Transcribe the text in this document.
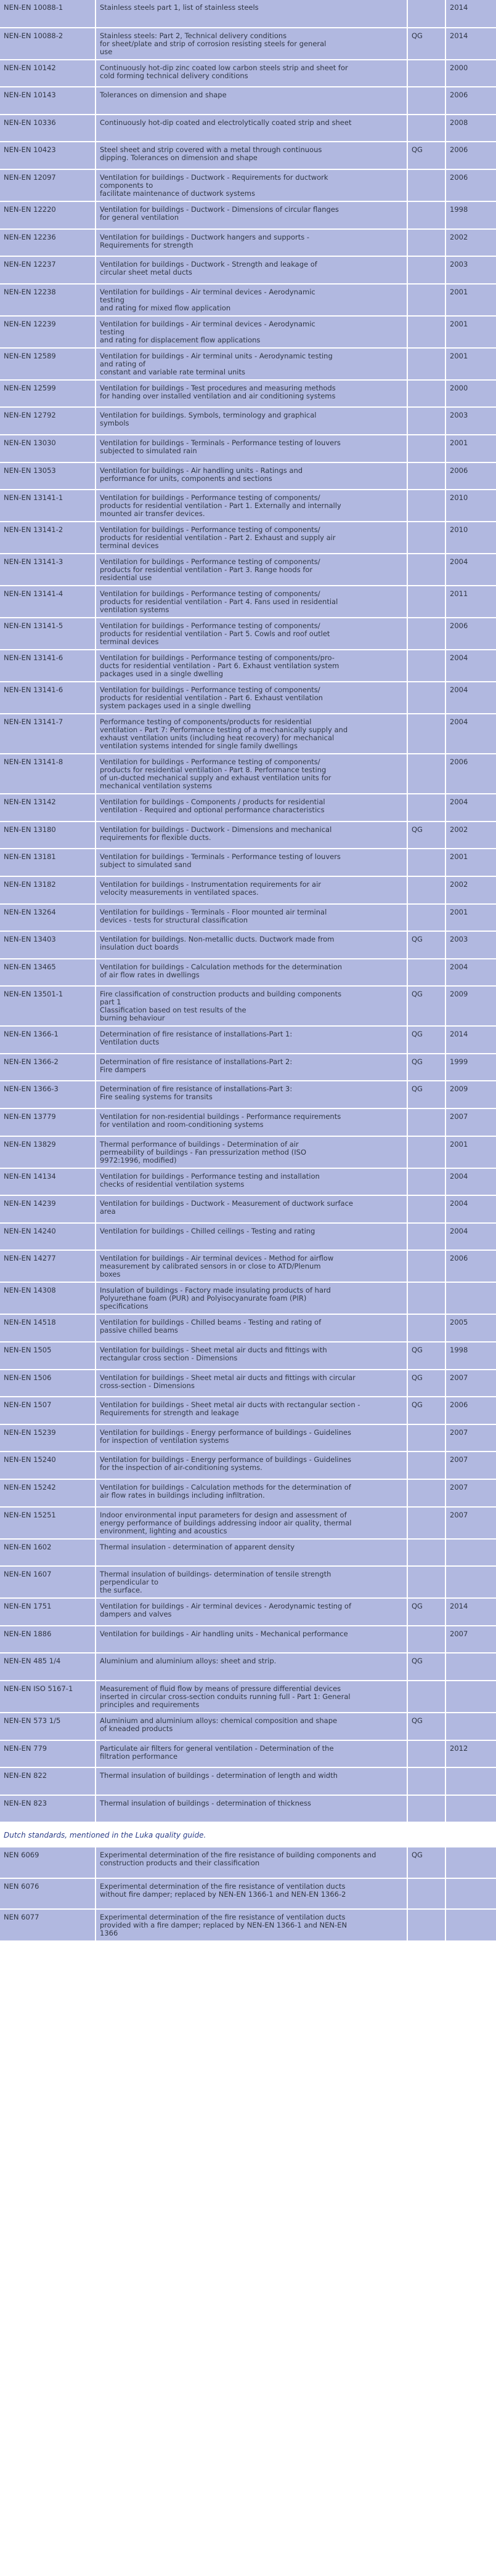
NEN-EN 10088-1	Stainless steels part 1, list of stainless steels		2014
NEN-EN 10088-2	Stainless steels: Part 2, Technical delivery conditions
for sheet/plate and strip of corrosion resisting steels for general
use	QG	2014
NEN-EN 10142	Continuously hot-dip zinc coated low carbon steels strip and sheet for
cold forming technical delivery conditions		2000
NEN-EN 10143	Tolerances on dimension and shape		2006
NEN-EN 10336	Continuously hot-dip coated and electrolytically coated strip and sheet		2008
NEN-EN 10423	Steel sheet and strip covered with a metal through continuous
dipping. Tolerances on dimension and shape	QG	2006
NEN-EN 12097	Ventilation for buildings - Ductwork - Requirements for ductwork
components to
facilitate maintenance of ductwork systems		2006
NEN-EN 12220	Ventilation for buildings - Ductwork - Dimensions of circular flanges
for general ventilation		1998
NEN-EN 12236	Ventilation for buildings - Ductwork hangers and supports -
Requirements for strength		2002
NEN-EN 12237	Ventilation for buildings - Ductwork - Strength and leakage of
circular sheet metal ducts		2003
NEN-EN 12238	Ventilation for buildings - Air terminal devices - Aerodynamic
testing
and rating for mixed flow application		2001
NEN-EN 12239	Ventilation for buildings - Air terminal devices - Aerodynamic
testing
and rating for displacement flow applications		2001
NEN-EN 12589	Ventilation for buildings - Air terminal units - Aerodynamic testing
and rating of
constant and variable rate terminal units		2001
NEN-EN 12599	Ventilation for buildings - Test procedures and measuring methods
for handing over installed ventilation and air conditioning systems		2000
NEN-EN 12792	Ventilation for buildings. Symbols, terminology and graphical
symbols		2003
NEN-EN 13030	Ventilation for buildings - Terminals - Performance testing of louvers
subjected to simulated rain		2001
NEN-EN 13053	Ventilation for buildings - Air handling units - Ratings and
performance for units, components and sections		2006
NEN-EN 13141-1	Ventilation for buildings - Performance testing of components/
products for residential ventilation - Part 1. Externally and internally
mounted air transfer devices.		2010
NEN-EN 13141-2	Ventilation for buildings - Performance testing of components/
products for residential ventilation - Part 2. Exhaust and supply air
terminal devices		2010
NEN-EN 13141-3	Ventilation for buildings - Performance testing of components/
products for residential ventilation - Part 3. Range hoods for
residential use		2004
NEN-EN 13141-4	Ventilation for buildings - Performance testing of components/
products for residential ventilation - Part 4. Fans used in residential
ventilation systems		2011
NEN-EN 13141-5	Ventilation for buildings - Performance testing of components/
products for residential ventilation - Part 5. Cowls and roof outlet
terminal devices		2006
NEN-EN 13141-6	Ventilation for buildings - Performance testing of components/pro-
ducts for residential ventilation - Part 6. Exhaust ventilation system
packages used in a single dwelling		2004
NEN-EN 13141-6	Ventilation for buildings - Performance testing of components/
products for residential ventilation - Part 6. Exhaust ventilation
system packages used in a single dwelling		2004
NEN-EN 13141-7	Performance testing of components/products for residential
ventilation - Part 7: Performance testing of a mechanically supply and
exhaust ventilation units (including heat recovery) for mechanical
ventilation systems intended for single family dwellings		2004
NEN-EN 13141-8	Ventilation for buildings - Performance testing of components/
products for residential ventilation - Part 8. Performance testing
of un-ducted mechanical supply and exhaust ventilation units for
mechanical ventilation systems		2006
NEN-EN 13142	Ventilation for buildings - Components / products for residential
ventilation - Required and optional performance characteristics		2004
NEN-EN 13180	Ventilation for buildings - Ductwork - Dimensions and mechanical
requirements for flexible ducts.	QG	2002
NEN-EN 13181	Ventilation for buildings - Terminals - Performance testing of louvers
subject to simulated sand		2001
NEN-EN 13182	Ventilation for buildings - Instrumentation requirements for air
velocity measurements in ventilated spaces.		2002
NEN-EN 13264	Ventilation for buildings - Terminals - Floor mounted air terminal
devices - tests for structural classification		2001
NEN-EN 13403	Ventilation for buildings. Non-metallic ducts. Ductwork made from
insulation duct boards	QG	2003
NEN-EN 13465	Ventilation for buildings - Calculation methods for the determination
of air flow rates in dwellings		2004
NEN-EN 13501-1	Fire classification of construction products and building components
part 1
Classification based on test results of the
burning behaviour	QG	2009
NEN-EN 1366-1	Determination of fire resistance of installations-Part 1:
Ventilation ducts	QG	2014
NEN-EN 1366-2	Determination of fire resistance of installations-Part 2:
Fire dampers	QG	1999
NEN-EN 1366-3	Determination of fire resistance of installations-Part 3:
Fire sealing systems for transits	QG	2009
NEN-EN 13779	Ventilation for non-residential buildings - Performance requirements
for ventilation and room-conditioning systems		2007
NEN-EN 13829	Thermal performance of buildings - Determination of air
permeability of buildings - Fan pressurization method (ISO
9972:1996, modified)		2001
NEN-EN 14134	Ventilation for buildings - Performance testing and installation
checks of residential ventilation systems		2004
NEN-EN 14239	Ventilation for buildings - Ductwork - Measurement of ductwork surface
area		2004
NEN-EN 14240	Ventilation for buildings - Chilled ceilings - Testing and rating		2004
NEN-EN 14277	Ventilation for buildings - Air terminal devices - Method for airflow
measurement by calibrated sensors in or close to ATD/Plenum
boxes		2006
NEN-EN 14308	Insulation of buildings - Factory made insulating products of hard
Polyurethane foam (PUR) and Polyisocyanurate foam (PIR)
specifications		
NEN-EN 14518	Ventilation for buildings - Chilled beams - Testing and rating of
passive chilled beams		2005
NEN-EN 1505	Ventilation for buildings - Sheet metal air ducts and fittings with
rectangular cross section - Dimensions	QG	1998
NEN-EN 1506	Ventilation for buildings - Sheet metal air ducts and fittings with circular
cross-section - Dimensions	QG	2007
NEN-EN 1507	Ventilation for buildings - Sheet metal air ducts with rectangular section -
Requirements for strength and leakage	QG	2006
NEN-EN 15239	Ventilation for buildings - Energy performance of buildings - Guidelines
for inspection of ventilation systems		2007
NEN-EN 15240	Ventilation for buildings - Energy performance of buildings - Guidelines
for the inspection of air-conditioning systems.		2007
NEN-EN 15242	Ventilation for buildings - Calculation methods for the determination of
air flow rates in buildings including infiltration.		2007
NEN-EN 15251	Indoor environmental input parameters for design and assessment of
energy performance of buildings addressing indoor air quality, thermal
environment, lighting and acoustics		2007
NEN-EN 1602	Thermal insulation - determination of apparent density		
NEN-EN 1607	Thermal insulation of buildings- determination of tensile strength
perpendicular to
the surface.		
NEN-EN 1751	Ventilation for buildings - Air terminal devices - Aerodynamic testing of
dampers and valves	QG	2014
NEN-EN 1886	Ventilation for buildings - Air handling units - Mechanical performance		2007
NEN-EN 485 1/4	Aluminium and aluminium alloys: sheet and strip.	QG	
NEN-EN ISO 5167-1	Measurement of fluid flow by means of pressure differential devices
inserted in circular cross-section conduits running full - Part 1: General
principles and requirements		
NEN-EN 573 1/5	Aluminium and aluminium alloys: chemical composition and shape
of kneaded products	QG	
NEN-EN 779	Particulate air filters for general ventilation - Determination of the
filtration performance		2012
NEN-EN 822	Thermal insulation of buildings - determination of length and width		
NEN-EN 823	Thermal insulation of buildings - determination of thickness		
Dutch standards, mentioned in the Luka quality guide.
NEN 6069	Experimental determination of the fire resistance of building components and
construction products and their classification	QG	
NEN 6076	Experimental determination of the fire resistance of ventilation ducts
without fire damper; replaced by NEN-EN 1366-1 and NEN-EN 1366-2		
NEN 6077	Experimental determination of the fire resistance of ventilation ducts
provided with a fire damper; replaced by NEN-EN 1366-1 and NEN-EN
1366		
